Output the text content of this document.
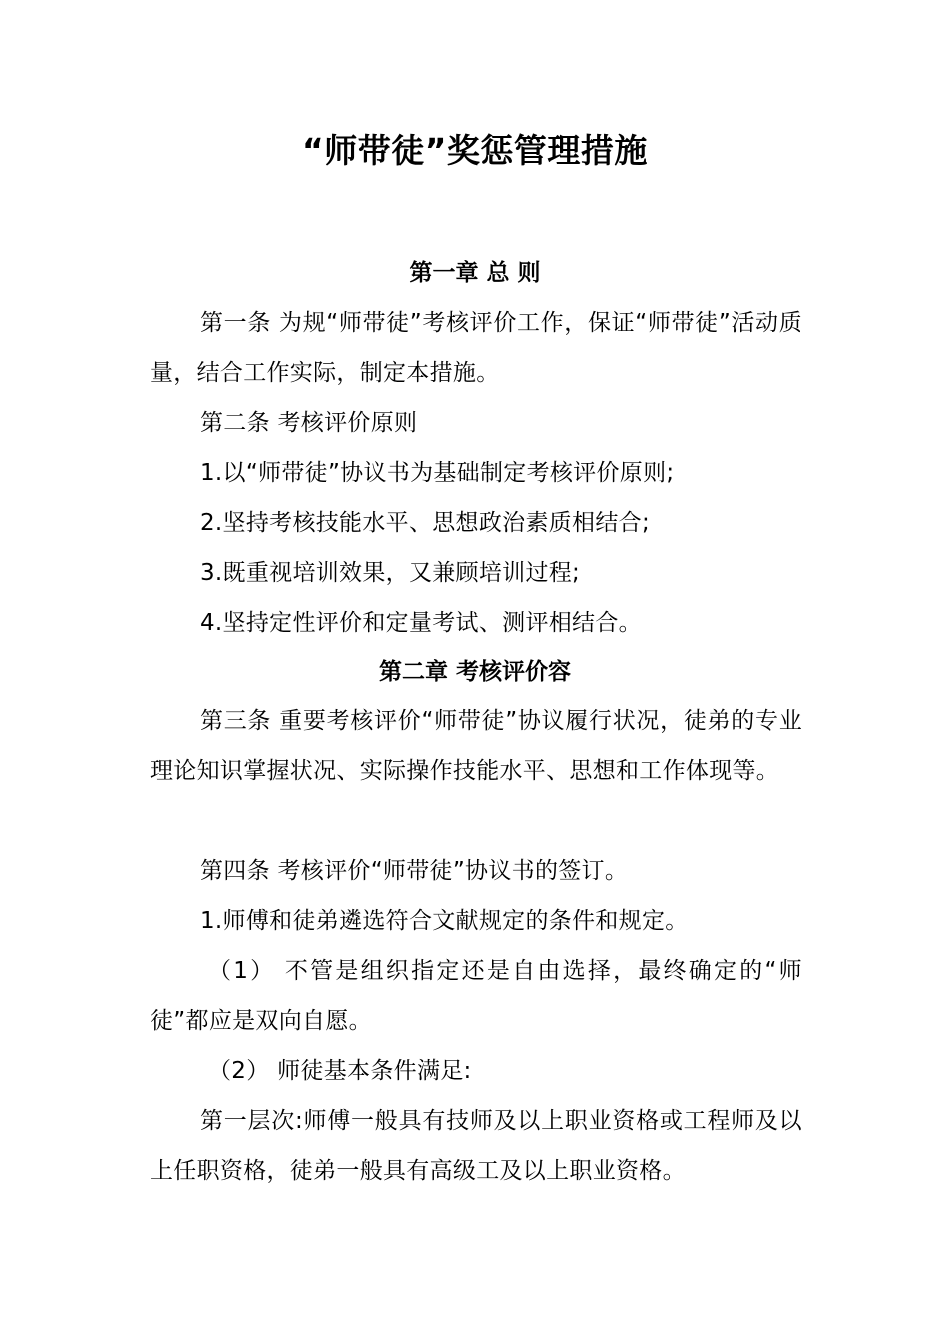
“师带徒”奖惩管理措施
第一章 总 则

第一条 为规“师带徒”考核评价工作，保证“师带徒”活动质量，结合工作实际，制定本措施。

第二条 考核评价原则

1.以“师带徒”协议书为基础制定考核评价原则;

2.坚持考核技能水平、思想政治素质相结合;

3.既重视培训效果，又兼顾培训过程;

4.坚持定性评价和定量考试、测评相结合。

第二章 考核评价容

第三条 重要考核评价“师带徒”协议履行状况，徒弟的专业理论知识掌握状况、实际操作技能水平、思想和工作体现等。

第四条 考核评价“师带徒”协议书的签订。

1.师傅和徒弟遴选符合文献规定的条件和规定。

（1） 不管是组织指定还是自由选择，最终确定的“师徒”都应是双向自愿。

（2） 师徒基本条件满足:

第一层次:师傅一般具有技师及以上职业资格或工程师及以上任职资格，徒弟一般具有高级工及以上职业资格。
